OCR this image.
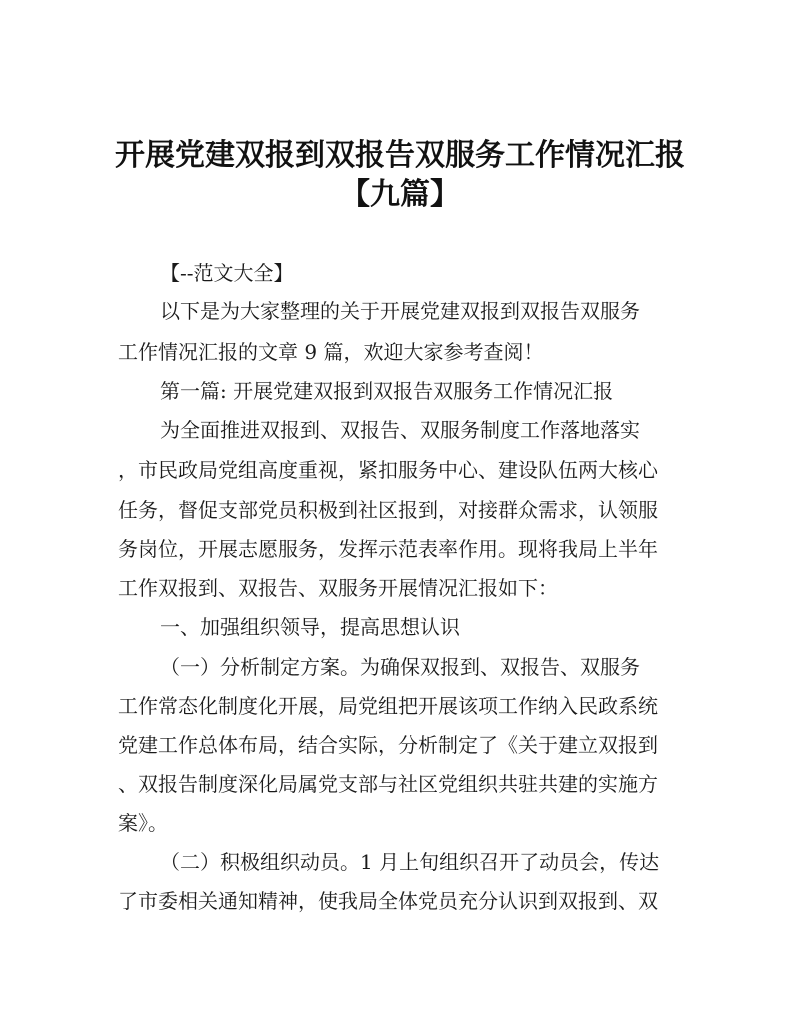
开展党建双报到双报告双服务工作情况汇报
【九篇】

【--范文大全】

以下是为大家整理的关于开展党建双报到双报告双服务

工作情况汇报的文章 9 篇，欢迎大家参考查阅！

第一篇: 开展党建双报到双报告双服务工作情况汇报

为全面推进双报到、双报告、双服务制度工作落地落实

，市民政局党组高度重视，紧扣服务中心、建设队伍两大核心

任务，督促支部党员积极到社区报到，对接群众需求，认领服

务岗位，开展志愿服务，发挥示范表率作用。现将我局上半年

工作双报到、双报告、双服务开展情况汇报如下：

一、加强组织领导，提高思想认识

（一）分析制定方案。为确保双报到、双报告、双服务

工作常态化制度化开展，局党组把开展该项工作纳入民政系统

党建工作总体布局，结合实际，分析制定了《关于建立双报到

、双报告制度深化局属党支部与社区党组织共驻共建的实施方

案》。

（二）积极组织动员。1 月上旬组织召开了动员会，传达

了市委相关通知精神，使我局全体党员充分认识到双报到、双
